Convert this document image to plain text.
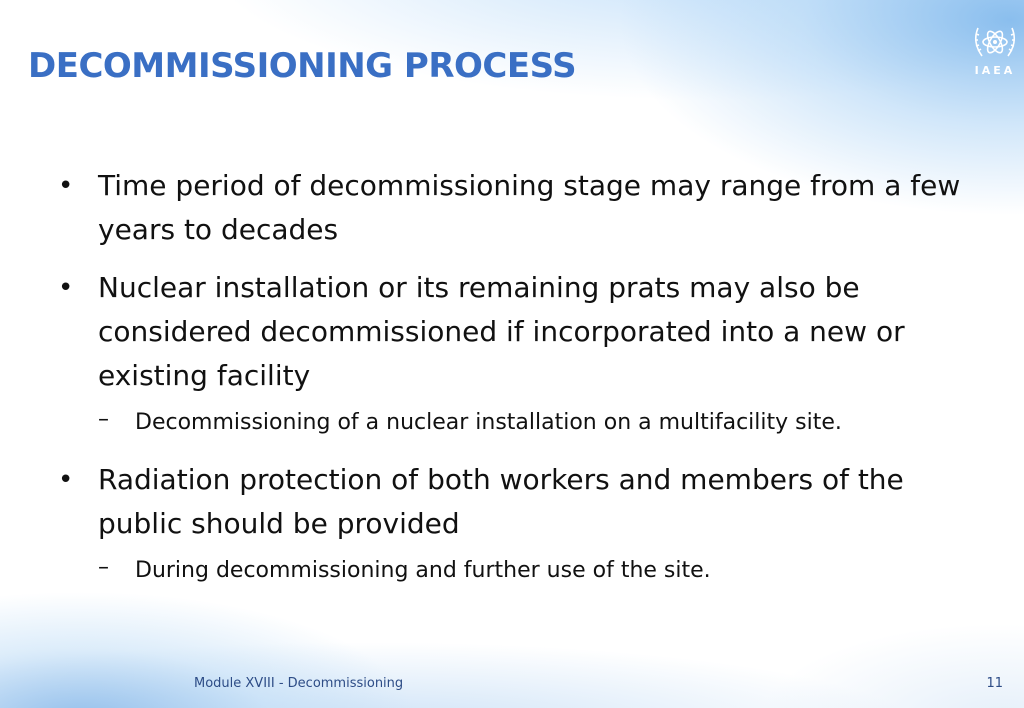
DECOMMISSIONING PROCESS	IAEA
• Time period of decommissioning stage may range from a few years to decades
• Nuclear installation or its remaining prats may also be considered decommissioned if incorporated into a new or existing facility
– Decommissioning of a nuclear installation on a multifacility site.
• Radiation protection of both workers and members of the public should be provided
– During decommissioning and further use of the site.
Module XVIII - Decommissioning	11
